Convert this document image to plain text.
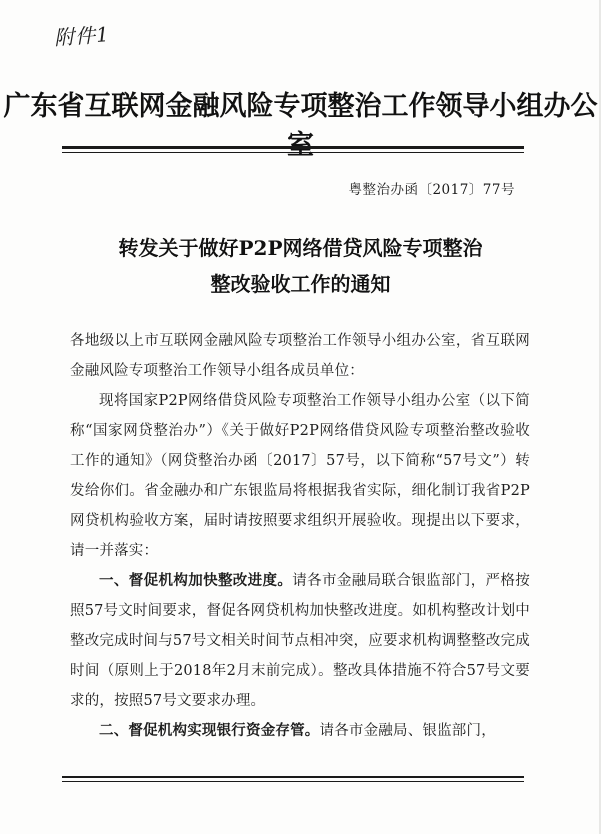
附件1
广东省互联网金融风险专项整治工作领导小组办公室
粤整治办函〔2017〕77号
转发关于做好P2P网络借贷风险专项整治
整改验收工作的通知

各地级以上市互联网金融风险专项整治工作领导小组办公室，省互联网金融风险专项整治工作领导小组各成员单位：

现将国家P2P网络借贷风险专项整治工作领导小组办公室（以下简称“国家网贷整治办”）《关于做好P2P网络借贷风险专项整治整改验收工作的通知》（网贷整治办函〔2017〕57号，以下简称“57号文”）转发给你们。省金融办和广东银监局将根据我省实际，细化制订我省P2P网贷机构验收方案，届时请按照要求组织开展验收。现提出以下要求，请一并落实：

一、督促机构加快整改进度。请各市金融局联合银监部门，严格按照57号文时间要求，督促各网贷机构加快整改进度。如机构整改计划中整改完成时间与57号文相关时间节点相冲突，应要求机构调整整改完成时间（原则上于2018年2月末前完成）。整改具体措施不符合57号文要求的，按照57号文要求办理。

二、督促机构实现银行资金存管。请各市金融局、银监部门，
